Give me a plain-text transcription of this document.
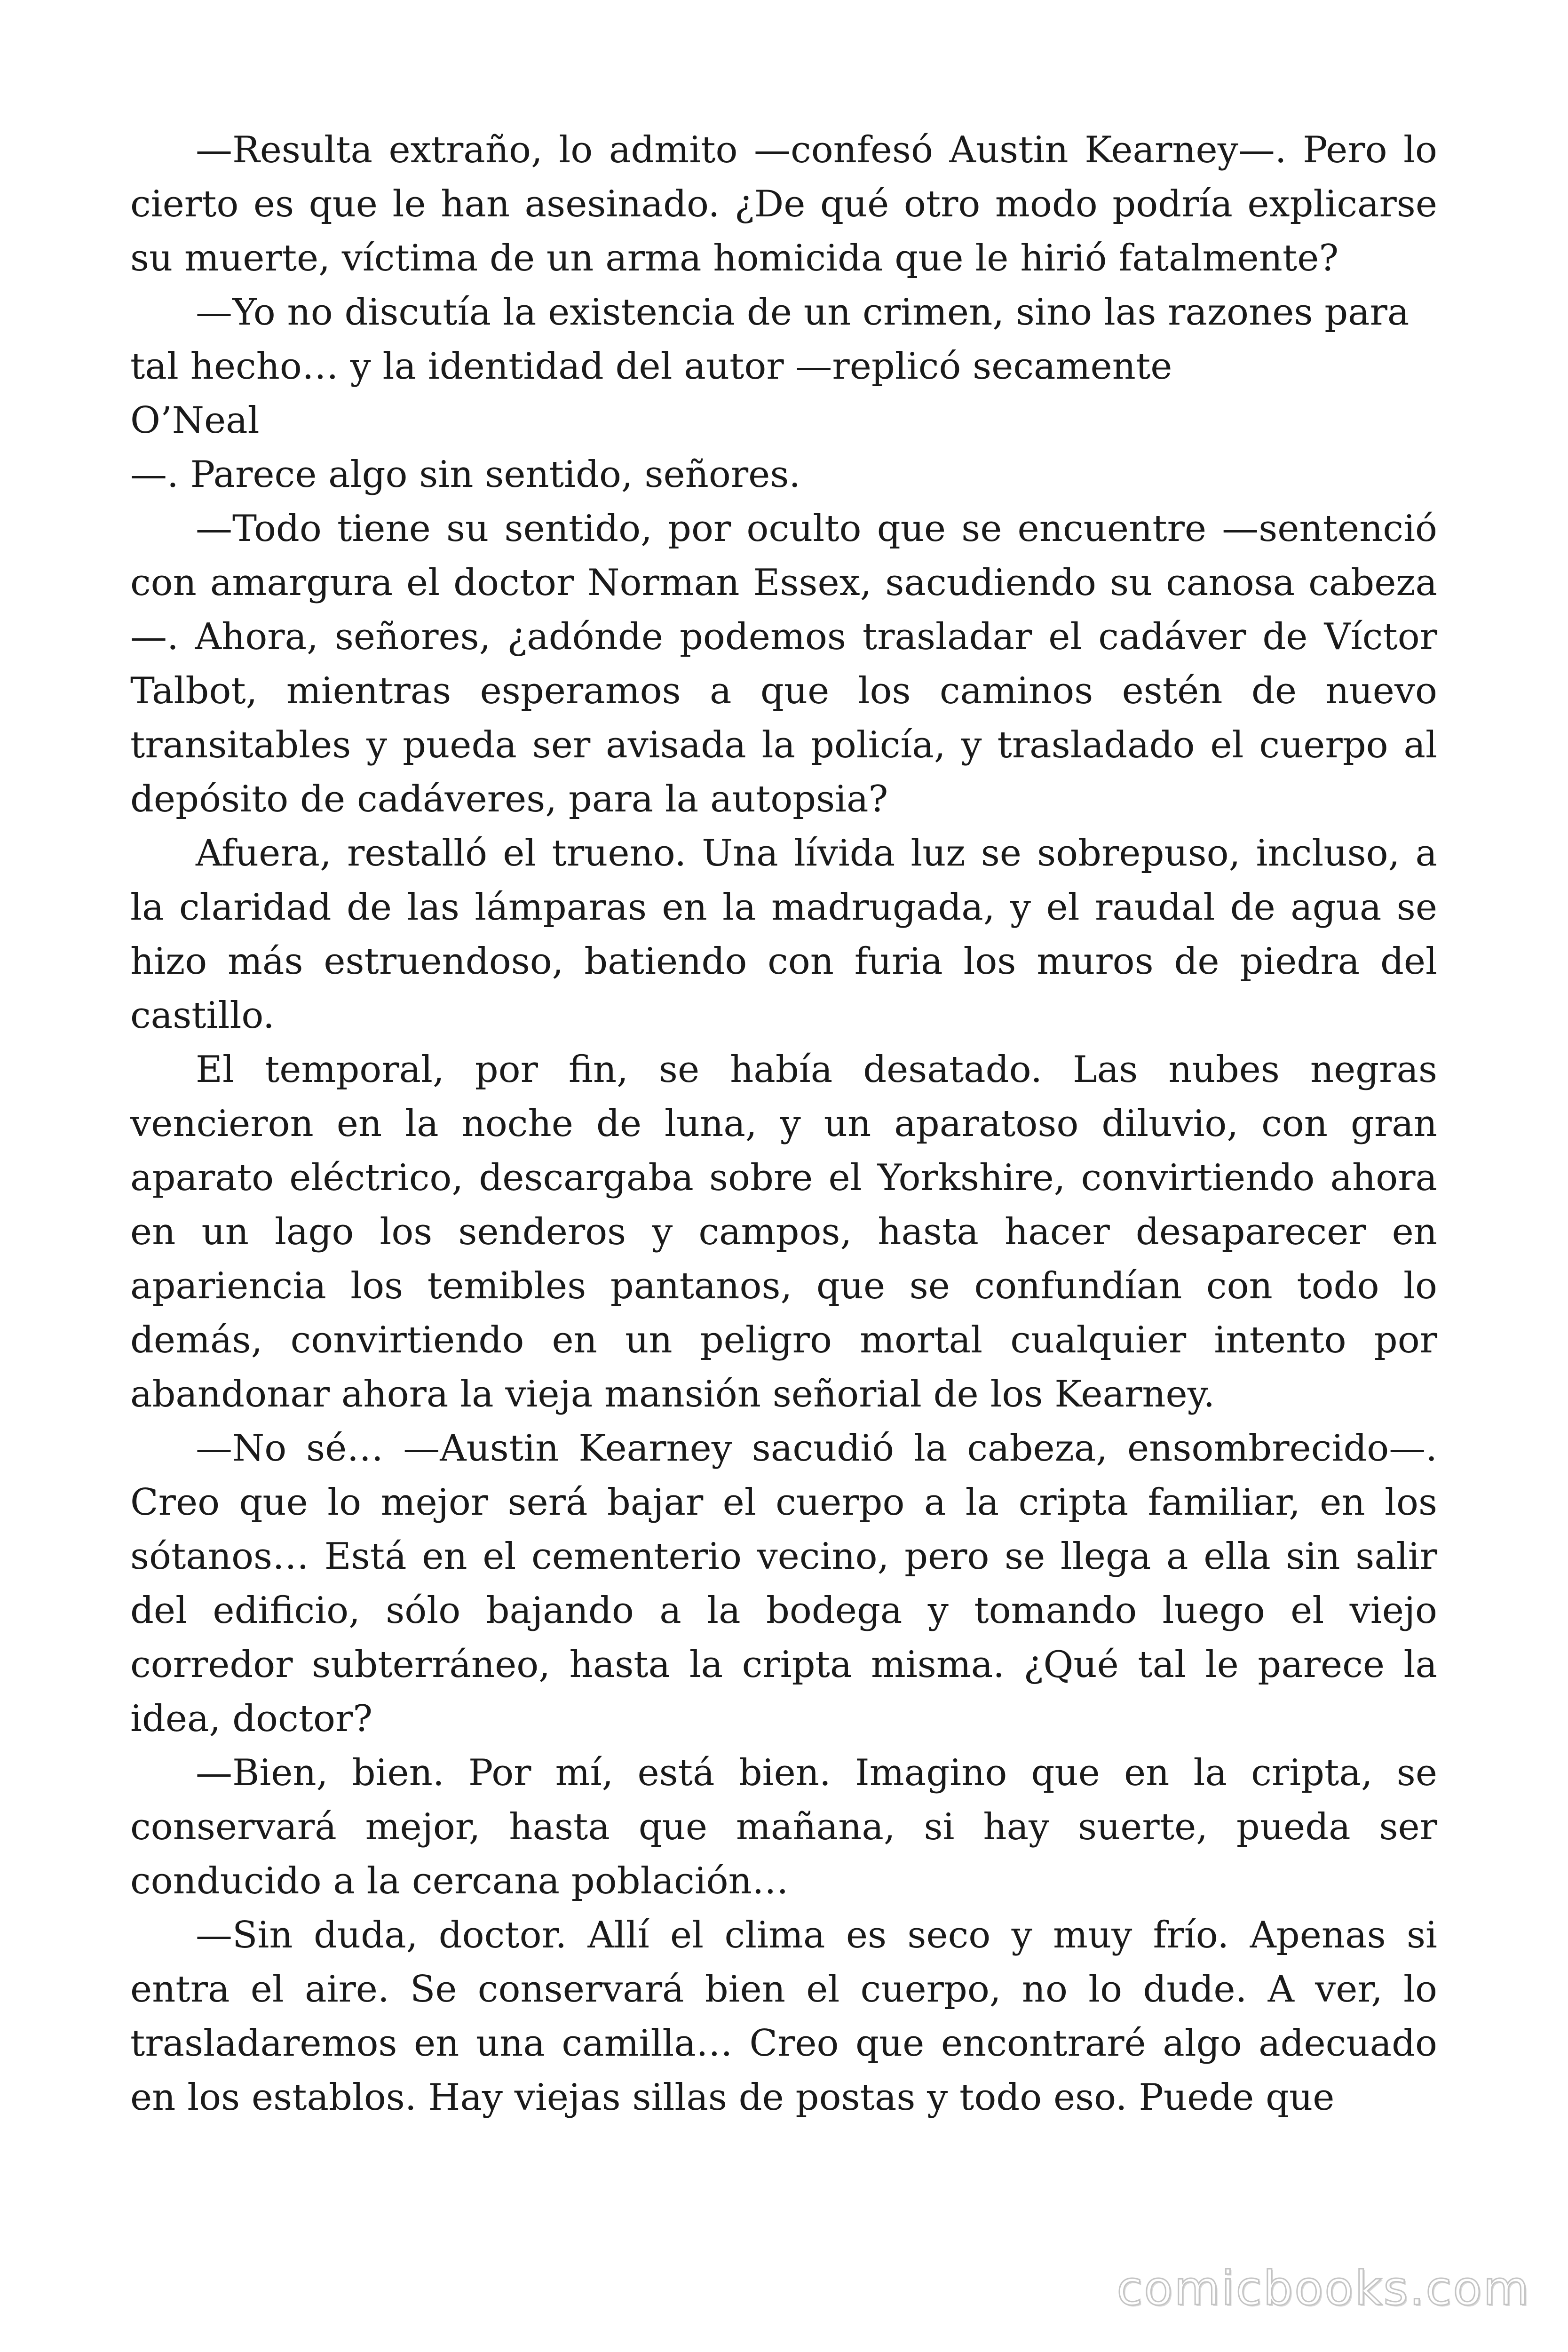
—Resulta extraño, lo admito —confesó Austin Kearney—. Pero lo cierto es que le han asesinado. ¿De qué otro modo podría explicarse su muerte, víctima de un arma homicida que le hirió fatalmente?

—Yo no discutía la existencia de un crimen, sino las razones para tal hecho… y la identidad del autor —replicó secamente

O’Neal

—. Parece algo sin sentido, señores.

—Todo tiene su sentido, por oculto que se encuentre —sentenció con amargura el doctor Norman Essex, sacudiendo su canosa cabeza —. Ahora, señores, ¿adónde podemos trasladar el cadáver de Víctor Talbot, mientras esperamos a que los caminos estén de nuevo transitables y pueda ser avisada la policía, y trasladado el cuerpo al depósito de cadáveres, para la autopsia?

Afuera, restalló el trueno. Una lívida luz se sobrepuso, incluso, a la claridad de las lámparas en la madrugada, y el raudal de agua se hizo más estruendoso, batiendo con furia los muros de piedra del castillo.

El temporal, por fin, se había desatado. Las nubes negras vencieron en la noche de luna, y un aparatoso diluvio, con gran aparato eléctrico, descargaba sobre el Yorkshire, convirtiendo ahora en un lago los senderos y campos, hasta hacer desaparecer en apariencia los temibles pantanos, que se confundían con todo lo demás, convirtiendo en un peligro mortal cualquier intento por abandonar ahora la vieja mansión señorial de los Kearney.

—No sé… —Austin Kearney sacudió la cabeza, ensombrecido—. Creo que lo mejor será bajar el cuerpo a la cripta familiar, en los sótanos… Está en el cementerio vecino, pero se llega a ella sin salir del edificio, sólo bajando a la bodega y tomando luego el viejo corredor subterráneo, hasta la cripta misma. ¿Qué tal le parece la idea, doctor?

—Bien, bien. Por mí, está bien. Imagino que en la cripta, se conservará mejor, hasta que mañana, si hay suerte, pueda ser conducido a la cercana población…

—Sin duda, doctor. Allí el clima es seco y muy frío. Apenas si entra el aire. Se conservará bien el cuerpo, no lo dude. A ver, lo trasladaremos en una camilla… Creo que encontraré algo adecuado en los establos. Hay viejas sillas de postas y todo eso. Puede que

comicbooks.com
